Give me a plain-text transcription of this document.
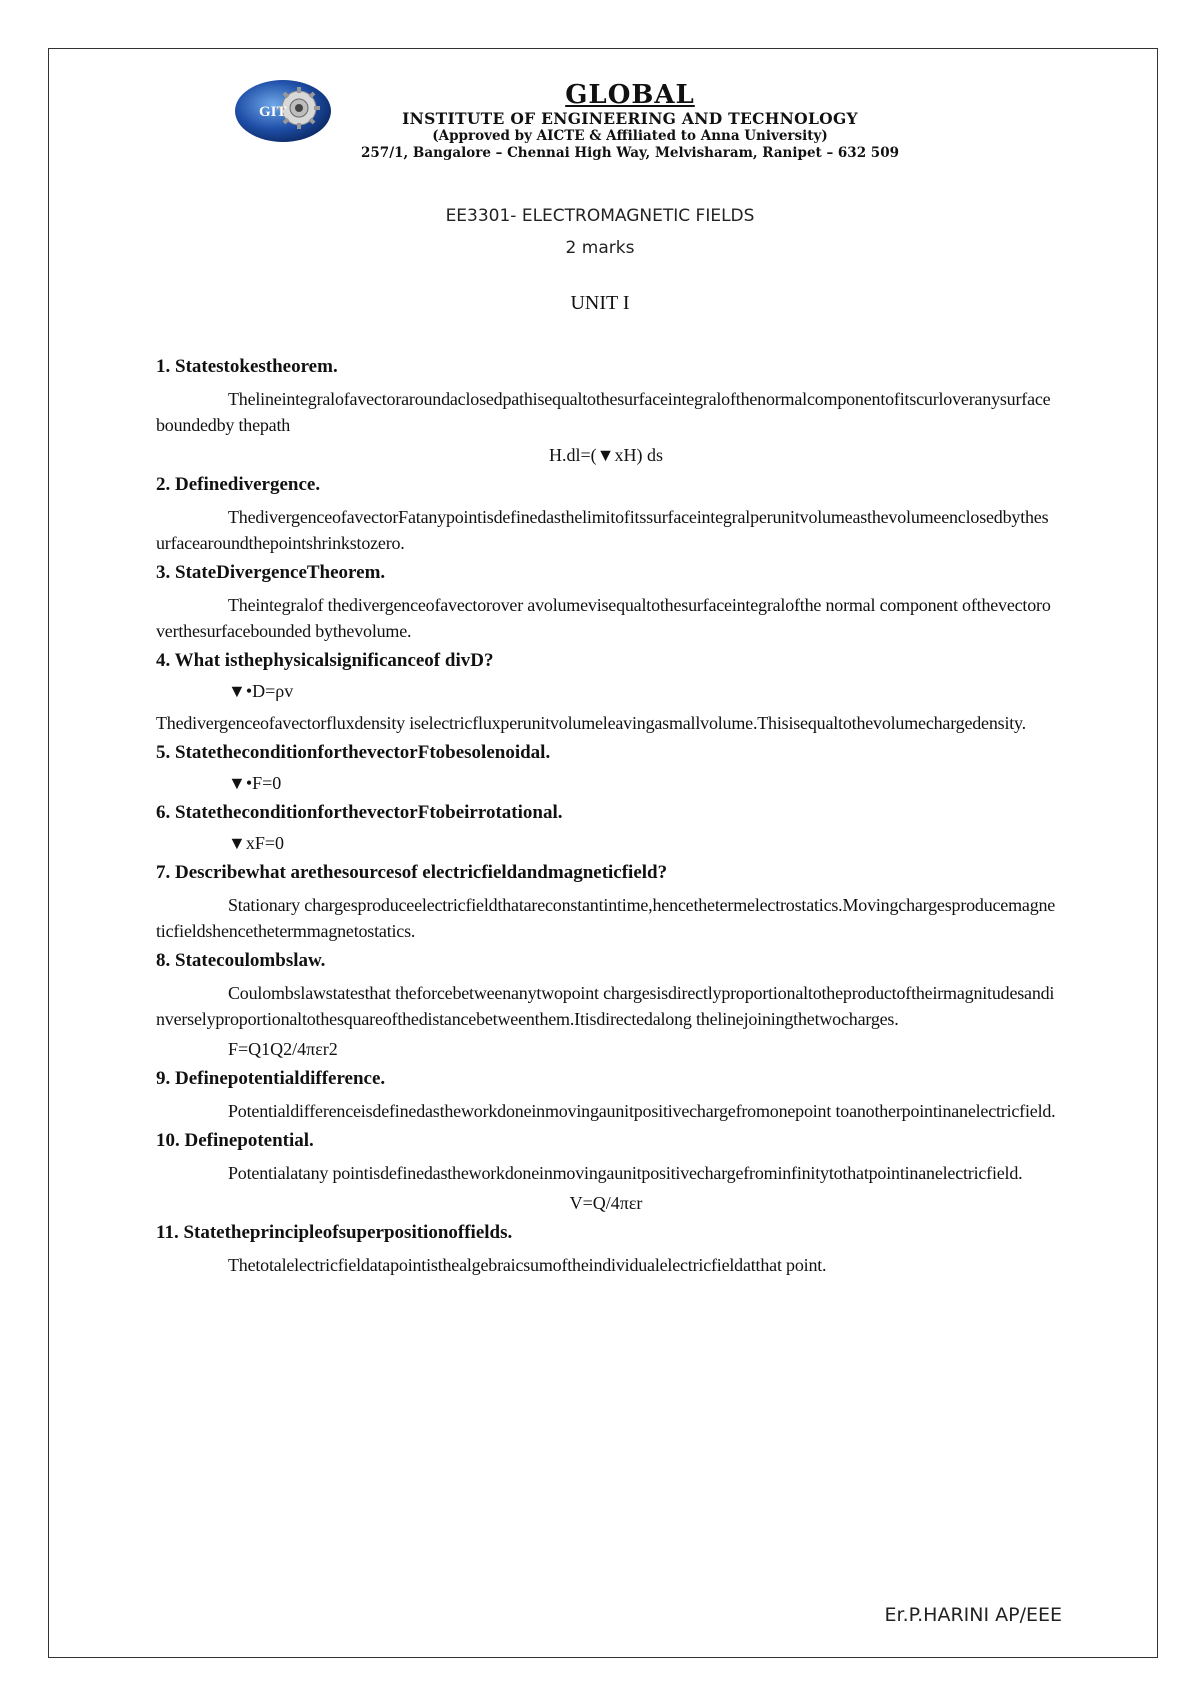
GIT
GLOBAL
INSTITUTE OF ENGINEERING AND TECHNOLOGY
(Approved by AICTE & Affiliated to Anna University)
257/1, Bangalore – Chennai High Way, Melvisharam, Ranipet – 632 509
EE3301- ELECTROMAGNETIC FIELDS
2 marks
UNIT I

1. Statestokestheorem.

Thelineintegralofavectoraroundaclosedpathisequaltothesurfaceintegralofthenormalcomponentofitscurloveranysurfaceboundedby thepath

H.dl=(▼xH) ds

2. Definedivergence.

ThedivergenceofavectorFatanypointisdefinedasthelimitofitssurfaceintegralperunitvolumeasthevolumeenclosedbythesurfacearoundthepointshrinkstozero.

3. StateDivergenceTheorem.

Theintegralof thedivergenceofavectorover avolumevisequaltothesurfaceintegralofthe normal component ofthevectoroverthesurfacebounded bythevolume.

4. What isthephysicalsignificanceof divD?

▼•D=ρv

Thedivergenceofavectorfluxdensity iselectricfluxperunitvolumeleavingasmallvolume.Thisisequaltothevolumechargedensity.

5. StatetheconditionforthevectorFtobesolenoidal.

▼•F=0

6. StatetheconditionforthevectorFtobeirrotational.

▼xF=0

7. Describewhat arethesourcesof electricfieldandmagneticfield?

Stationary chargesproduceelectricfieldthatareconstantintime,hencethetermelectrostatics.Movingchargesproducemagneticfieldshencethetermmagnetostatics.

8. Statecoulombslaw.

Coulombslawstatesthat theforcebetweenanytwopoint chargesisdirectlyproportionaltotheproductoftheirmagnitudesandinverselyproportionaltothesquareofthedistancebetweenthem.Itisdirectedalong thelinejoiningthetwocharges.

F=Q1Q2/4πεr2

9. Definepotentialdifference.

Potentialdifferenceisdefinedastheworkdoneinmovingaunitpositivechargefromonepoint toanotherpointinanelectricfield.

10. Definepotential.

Potentialatany pointisdefinedastheworkdoneinmovingaunitpositivechargefrominfinitytothatpointinanelectricfield.

V=Q/4πεr

11. Statetheprincipleofsuperpositionoffields.

Thetotalelectricfieldatapointisthealgebraicsumoftheindividualelectricfieldatthat point.

Er.P.HARINI AP/EEE
